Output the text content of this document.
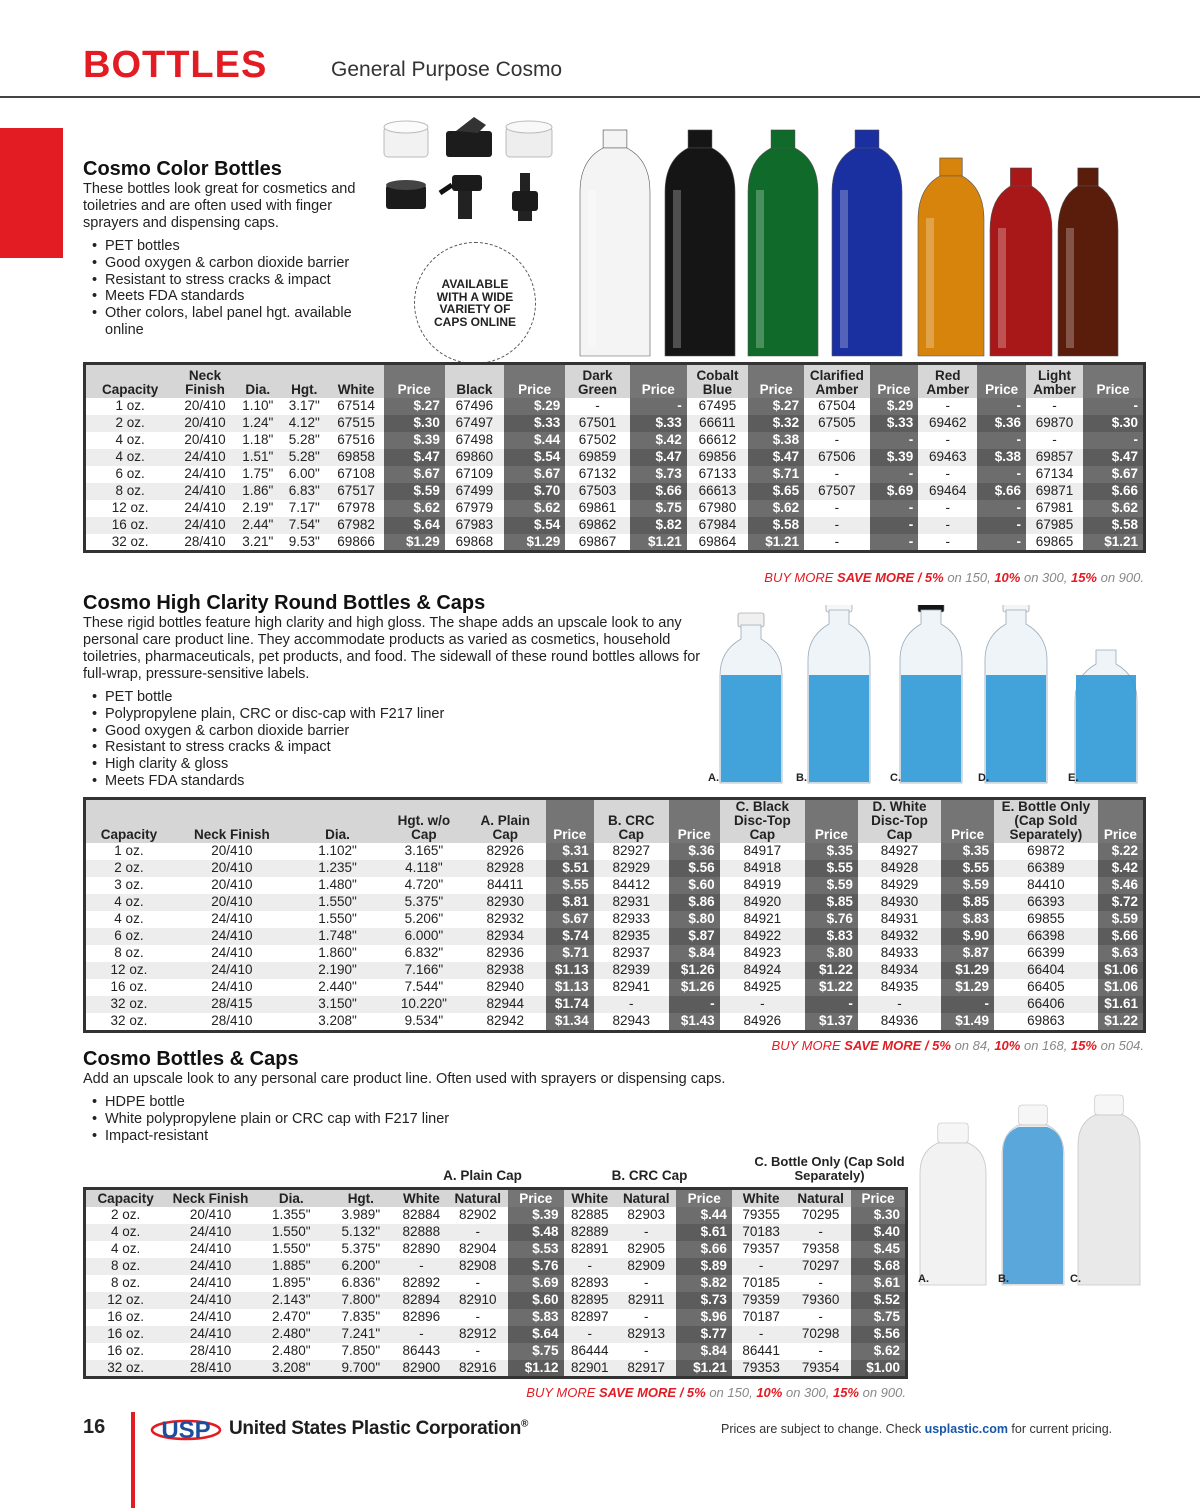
BOTTLES	General Purpose Cosmo
Cosmo Color Bottles

These bottles look great for cosmetics and toiletries and are often used with finger sprayers and dispensing caps.

• PET bottles
• Good oxygen & carbon dioxide barrier
• Resistant to stress cracks & impact
• Meets FDA standards
• Other colors, label panel hgt. available online
AVAILABLE WITH A WIDE VARIETY OF CAPS ONLINE
Capacity	Neck Finish	Dia.	Hgt.	White	Price	Black	Price	Dark Green	Price	Cobalt Blue	Price	Clarified Amber	Price	Red Amber	Price	Light Amber	Price
1 oz.	20/410	1.10"	3.17"	67514	$.27	67496	$.29	-	-	67495	$.27	67504	$.29	-	-	-	-
2 oz.	20/410	1.24"	4.12"	67515	$.30	67497	$.33	67501	$.33	66611	$.32	67505	$.33	69462	$.36	69870	$.30
4 oz.	20/410	1.18"	5.28"	67516	$.39	67498	$.44	67502	$.42	66612	$.38	-	-	-	-	-	-
4 oz.	24/410	1.51"	5.28"	69858	$.47	69860	$.54	69859	$.47	69856	$.47	67506	$.39	69463	$.38	69857	$.47
6 oz.	24/410	1.75"	6.00"	67108	$.67	67109	$.67	67132	$.73	67133	$.71	-	-	-	-	67134	$.67
8 oz.	24/410	1.86"	6.83"	67517	$.59	67499	$.70	67503	$.66	66613	$.65	67507	$.69	69464	$.66	69871	$.66
12 oz.	24/410	2.19"	7.17"	67978	$.62	67979	$.62	69861	$.75	67980	$.62	-	-	-	-	67981	$.62
16 oz.	24/410	2.44"	7.54"	67982	$.64	67983	$.54	69862	$.82	67984	$.58	-	-	-	-	67985	$.58
32 oz.	28/410	3.21"	9.53"	69866	$1.29	69868	$1.29	69867	$1.21	69864	$1.21	-	-	-	-	69865	$1.21
BUY MORE SAVE MORE / 5% on 150, 10% on 300, 15% on 900.
Cosmo High Clarity Round Bottles & Caps

These rigid bottles feature high clarity and high gloss. The shape adds an upscale look to any personal care product line. They accommodate products as varied as cosmetics, household toiletries, pharmaceuticals, pet products, and food. The sidewall of these round bottles allows for full-wrap, pressure-sensitive labels.

• PET bottle
• Polypropylene plain, CRC or disc-cap with F217 liner
• Good oxygen & carbon dioxide barrier
• Resistant to stress cracks & impact
• High clarity & gloss
• Meets FDA standards	A.	B.	C.	D.	E.
Capacity	Neck Finish	Dia.	Hgt. w/o Cap	A. Plain Cap	Price	B. CRC Cap	Price	C. Black Disc-Top Cap	Price	D. White Disc-Top Cap	Price	E. Bottle Only (Cap Sold Separately)	Price
1 oz.	20/410	1.102"	3.165"	82926	$.31	82927	$.36	84917	$.35	84927	$.35	69872	$.22
2 oz.	20/410	1.235"	4.118"	82928	$.51	82929	$.56	84918	$.55	84928	$.55	66389	$.42
3 oz.	20/410	1.480"	4.720"	84411	$.55	84412	$.60	84919	$.59	84929	$.59	84410	$.46
4 oz.	20/410	1.550"	5.375"	82930	$.81	82931	$.86	84920	$.85	84930	$.85	66393	$.72
4 oz.	24/410	1.550"	5.206"	82932	$.67	82933	$.80	84921	$.76	84931	$.83	69855	$.59
6 oz.	24/410	1.748"	6.000"	82934	$.74	82935	$.87	84922	$.83	84932	$.90	66398	$.66
8 oz.	24/410	1.860"	6.832"	82936	$.71	82937	$.84	84923	$.80	84933	$.87	66399	$.63
12 oz.	24/410	2.190"	7.166"	82938	$1.13	82939	$1.26	84924	$1.22	84934	$1.29	66404	$1.06
16 oz.	24/410	2.440"	7.544"	82940	$1.13	82941	$1.26	84925	$1.22	84935	$1.29	66405	$1.06
32 oz.	28/415	3.150"	10.220"	82944	$1.74	-	-	-	-	-	-	66406	$1.61
32 oz.	28/410	3.208"	9.534"	82942	$1.34	82943	$1.43	84926	$1.37	84936	$1.49	69863	$1.22
BUY MORE SAVE MORE / 5% on 84, 10% on 168, 15% on 504.
Cosmo Bottles & Caps

Add an upscale look to any personal care product line. Often used with sprayers or dispensing caps.

• HDPE bottle
• White polypropylene plain or CRC cap with F217 liner
• Impact-resistant
A.	B.	C.
A. Plain Cap	B. CRC Cap
C. Bottle Only (Cap Sold Separately)
Capacity	Neck Finish	Dia.	Hgt.	White	Natural	Price	White	Natural	Price	White	Natural	Price
2 oz.	20/410	1.355"	3.989"	82884	82902	$.39	82885	82903	$.44	79355	70295	$.30
4 oz.	24/410	1.550"	5.132"	82888	-	$.48	82889	-	$.61	70183	-	$.40
4 oz.	24/410	1.550"	5.375"	82890	82904	$.53	82891	82905	$.66	79357	79358	$.45
8 oz.	24/410	1.885"	6.200"	-	82908	$.76	-	82909	$.89	-	70297	$.68
8 oz.	24/410	1.895"	6.836"	82892	-	$.69	82893	-	$.82	70185	-	$.61
12 oz.	24/410	2.143"	7.800"	82894	82910	$.60	82895	82911	$.73	79359	79360	$.52
16 oz.	24/410	2.470"	7.835"	82896	-	$.83	82897	-	$.96	70187	-	$.75
16 oz.	24/410	2.480"	7.241"	-	82912	$.64	-	82913	$.77	-	70298	$.56
16 oz.	28/410	2.480"	7.850"	86443	-	$.75	86444	-	$.84	86441	-	$.62
32 oz.	28/410	3.208"	9.700"	82900	82916	$1.12	82901	82917	$1.21	79353	79354	$1.00
BUY MORE SAVE MORE / 5% on 150, 10% on 300, 15% on 900.
16 USP United States Plastic Corporation®	Prices are subject to change. Check usplastic.com for current pricing.
